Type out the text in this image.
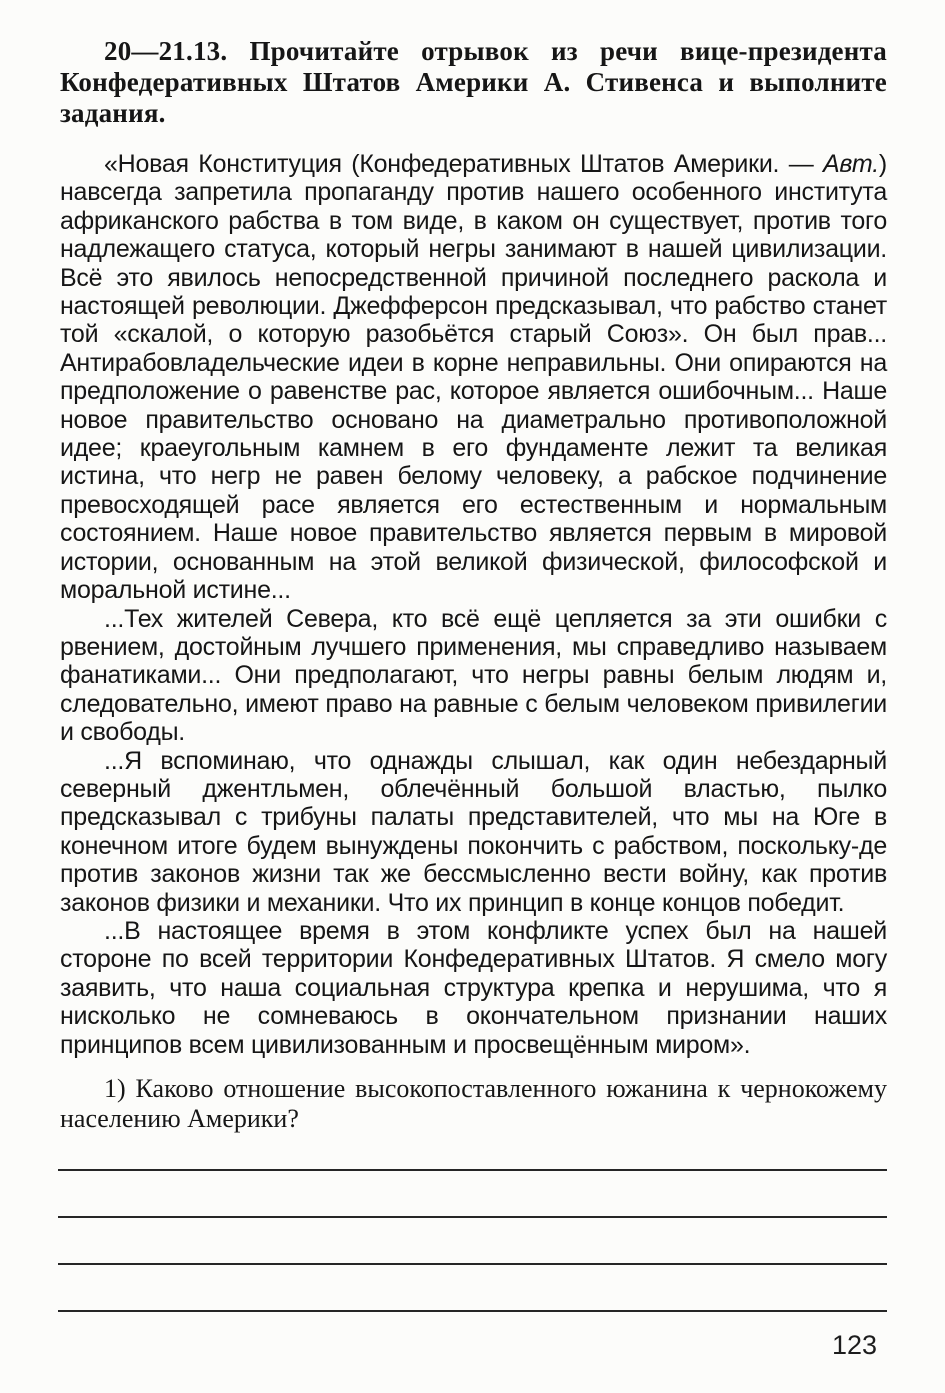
20—21.13. Прочитайте отрывок из речи вице-президента Конфедеративных Штатов Америки А. Стивенса и выполните задания.

«Новая Конституция (Конфедеративных Штатов Америки. — Авт.) навсегда запретила пропаганду против нашего особенного института африканского рабства в том виде, в каком он существует, против того надлежащего статуса, который негры занимают в нашей цивилизации. Всё это явилось непосредственной причиной последнего раскола и настоящей революции. Джефферсон предсказывал, что рабство станет той «скалой, о которую разобьётся старый Союз». Он был прав... Антирабовладельческие идеи в корне неправильны. Они опираются на предположение о равенстве рас, которое является ошибочным... Наше новое правительство основано на диаметрально противоположной идее; краеугольным камнем в его фундаменте лежит та великая истина, что негр не равен белому человеку, а рабское подчинение превосходящей расе является его естественным и нормальным состоянием. Наше новое правительство является первым в мировой истории, основанным на этой великой физической, философской и моральной истине...

...Тех жителей Севера, кто всё ещё цепляется за эти ошибки с рвением, достойным лучшего применения, мы справедливо называем фанатиками... Они предполагают, что негры равны белым людям и, следовательно, имеют право на равные с белым человеком привилегии и свободы.

...Я вспоминаю, что однажды слышал, как один небездарный северный джентльмен, облечённый большой властью, пылко предсказывал с трибуны палаты представителей, что мы на Юге в конечном итоге будем вынуждены покончить с рабством, поскольку-де против законов жизни так же бессмысленно вести войну, как против законов физики и механики. Что их принцип в конце концов победит.

...В настоящее время в этом конфликте успех был на нашей стороне по всей территории Конфедеративных Штатов. Я смело могу заявить, что наша социальная структура крепка и нерушима, что я нисколько не сомневаюсь в окончательном признании наших принципов всем цивилизованным и просвещённым миром».

1) Каково отношение высокопоставленного южанина к чернокожему населению Америки?

123
